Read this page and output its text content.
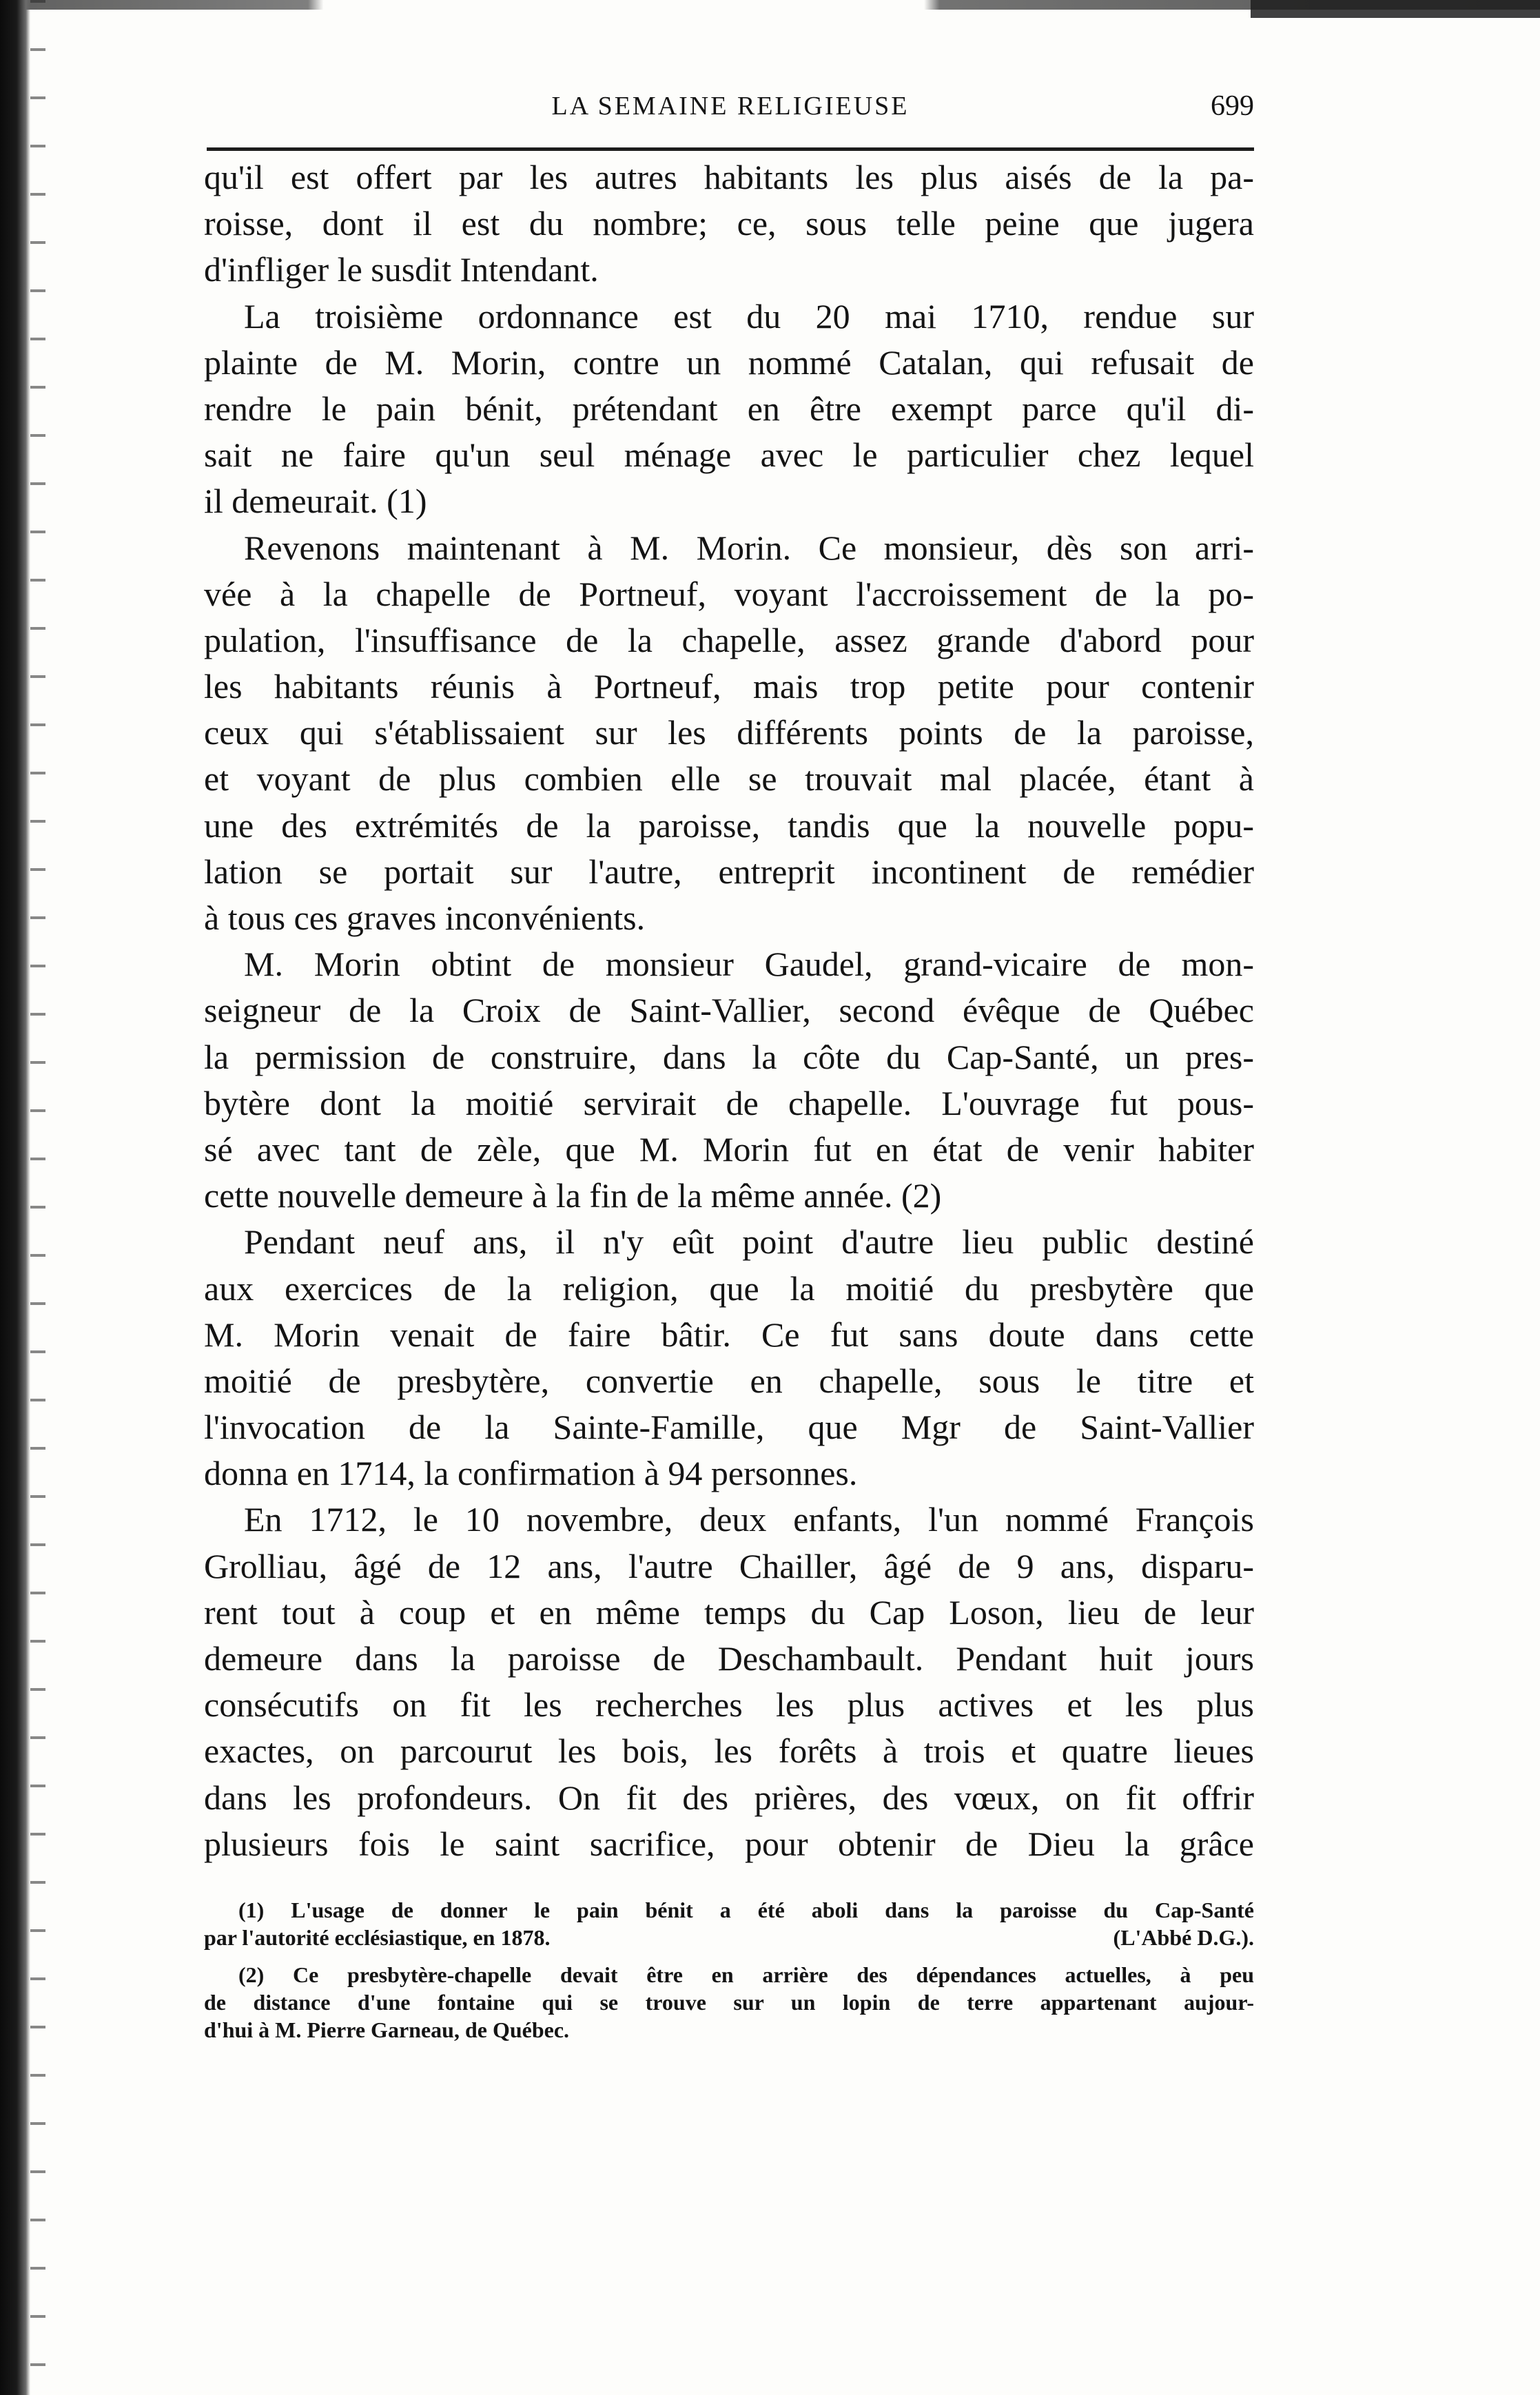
LA SEMAINE RELIGIEUSE	699
qu'il est offert par les autres habitants les plus aisés de la pa-
roisse, dont il est du nombre; ce, sous telle peine que jugera
d'infliger le susdit Intendant.
La troisième ordonnance est du 20 mai 1710, rendue sur
plainte de M. Morin, contre un nommé Catalan, qui refusait de
rendre le pain bénit, prétendant en être exempt parce qu'il di-
sait ne faire qu'un seul ménage avec le particulier chez lequel
il demeurait. (1)
Revenons maintenant à M. Morin. Ce monsieur, dès son arri-
vée à la chapelle de Portneuf, voyant l'accroissement de la po-
pulation, l'insuffisance de la chapelle, assez grande d'abord pour
les habitants réunis à Portneuf, mais trop petite pour contenir
ceux qui s'établissaient sur les différents points de la paroisse,
et voyant de plus combien elle se trouvait mal placée, étant à
une des extrémités de la paroisse, tandis que la nouvelle popu-
lation se portait sur l'autre, entreprit incontinent de remédier
à tous ces graves inconvénients.
M. Morin obtint de monsieur Gaudel, grand-vicaire de mon-
seigneur de la Croix de Saint-Vallier, second évêque de Québec
la permission de construire, dans la côte du Cap-Santé, un pres-
bytère dont la moitié servirait de chapelle. L'ouvrage fut pous-
sé avec tant de zèle, que M. Morin fut en état de venir habiter
cette nouvelle demeure à la fin de la même année. (2)
Pendant neuf ans, il n'y eût point d'autre lieu public destiné
aux exercices de la religion, que la moitié du presbytère que
M. Morin venait de faire bâtir. Ce fut sans doute dans cette
moitié de presbytère, convertie en chapelle, sous le titre et
l'invocation de la Sainte-Famille, que Mgr de Saint-Vallier
donna en 1714, la confirmation à 94 personnes.
En 1712, le 10 novembre, deux enfants, l'un nommé François
Grolliau, âgé de 12 ans, l'autre Chailler, âgé de 9 ans, disparu-
rent tout à coup et en même temps du Cap Loson, lieu de leur
demeure dans la paroisse de Deschambault. Pendant huit jours
consécutifs on fit les recherches les plus actives et les plus
exactes, on parcourut les bois, les forêts à trois et quatre lieues
dans les profondeurs. On fit des prières, des vœux, on fit offrir
plusieurs fois le saint sacrifice, pour obtenir de Dieu la grâce
(1) L'usage de donner le pain bénit a été aboli dans la paroisse du Cap-Santé
par l'autorité ecclésiastique, en 1878.	(L'Abbé D.G.).
(2) Ce presbytère-chapelle devait être en arrière des dépendances actuelles, à peu
de distance d'une fontaine qui se trouve sur un lopin de terre appartenant aujour-
d'hui à M. Pierre Garneau, de Québec.
